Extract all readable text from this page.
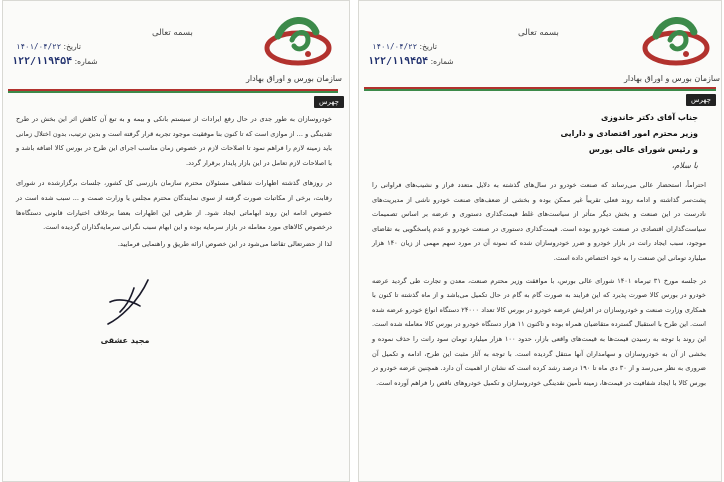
تاریخ: ۱۴۰۱/۰۴/۲۲
شماره: ۱۲۲/۱۱۹۴۵۴
بسمه تعالی
سازمان بورس و اوراق بهادار
چهرس

خودروسازان به طور جدی در حال رفع ایرادات از سیستم بانکی و بیمه و به تبع آن کاهش اثر این بخش در طرح تقدینگی و ... از موازی است که تا کنون بنا موفقیت موجود تجربه قرار گرفته است و بدین ترتیب، بدون اختلال زمانی باید زمینه لازم را فراهم نمود تا اصلاحات لازم در خصوص زمان مناسب اجرای این طرح در بورس کالا اضافه باشد و با اصلاحات لازم تعامل در این بازار پایدار برقرار گردد.

در روزهای گذشته اظهارات شفاهی مسئولان محترم سازمان بازرسی کل کشور، جلسات برگزارشده در شورای رقابت، برخی از مکاتبات صورت گرفته از سوی نمایندگان محترم مجلس یا وزارت صمت و ... سبب شده است در خصوص ادامه این روند ابهاماتی ایجاد شود. از طرفی این اظهارات بعضا برخلاف اختیارات قانونی دستگاه‌ها درخصوص کالاهای مورد معامله در بازار سرمایه بوده و این ابهام سبب نگرانی سرمایه‌گذاران گردیده است.

لذا از حضرتعالی تقاضا می‌شود در این خصوص ارائه طریق و راهنمایی فرمایید.

مجید عشقی
تاریخ: ۱۴۰۱/۰۴/۲۲
شماره: ۱۲۲/۱۱۹۴۵۴
بسمه تعالی
سازمان بورس و اوراق بهادار
چهرس
جناب آقای دکتر خاندوزی
وزیر محترم امور اقتصادی و دارایی
و رئیس شورای عالی بورس
با سلام،

احتراماً، استحضار عالی می‌رساند که صنعت خودرو در سال‌های گذشته به دلایل متعدد فراز و نشیب‌های فراوانی را پشت‌سر گذاشته و ادامه روند فعلی تقریباً غیر ممکن بوده و بخشی از ضعف‌های صنعت خودرو ناشی از مدیریت‌های نادرست در این صنعت و بخش دیگر متأثر از سیاست‌های غلط قیمت‌گذاری دستوری و عرضه بر اساس تصمیمات سیاست‌گذاران اقتصادی در صنعت خودرو بوده است. قیمت‌گذاری دستوری در صنعت خودرو و عدم پاسخگویی به تقاضای موجود، سبب ایجاد رانت در بازار خودرو و ضرر خودروسازان شده که نمونه آن در مورد سهم مهمی از زیان ۱۴۰ هزار میلیارد تومانی این صنعت را به خود اختصاص داده است.

در جلسه مورخ ۳۱ تیرماه ۱۴۰۱ شورای عالی بورس، با موافقت وزیر محترم صنعت، معدن و تجارت طی گردید عرضه خودرو در بورس کالا صورت پذیرد که این فرایند به صورت گام به گام در حال تکمیل می‌باشد و از ماه گذشته تا کنون با همکاری وزارت صنعت و خودروسازان در افزایش عرضه خودرو در بورس کالا تعداد ۲۴۰۰۰ دستگاه انواع خودرو عرضه شده است. این طرح با استقبال گسترده متقاضیان همراه بوده و تاکنون ۱۱ هزار دستگاه خودرو در بورس کالا معامله شده است. این روند با توجه به رسیدن قیمت‌ها به قیمت‌های واقعی بازار، حدود ۱۰۰ هزار میلیارد تومان سود رانت را حذف نموده و بخشی از آن به خودروسازان و سهامداران آنها منتقل گردیده است. با توجه به آثار مثبت این طرح، ادامه و تکمیل آن ضروری به نظر می‌رسد و از ۳۰ دی ماه تا ۱۹۰ درصد رشد کرده است که نشان از اهمیت آن دارد. همچنین عرضه خودرو در بورس کالا با ایجاد شفافیت در قیمت‌ها، زمینه تأمین نقدینگی خودروسازان و تکمیل خودروهای ناقص را فراهم آورده است.
